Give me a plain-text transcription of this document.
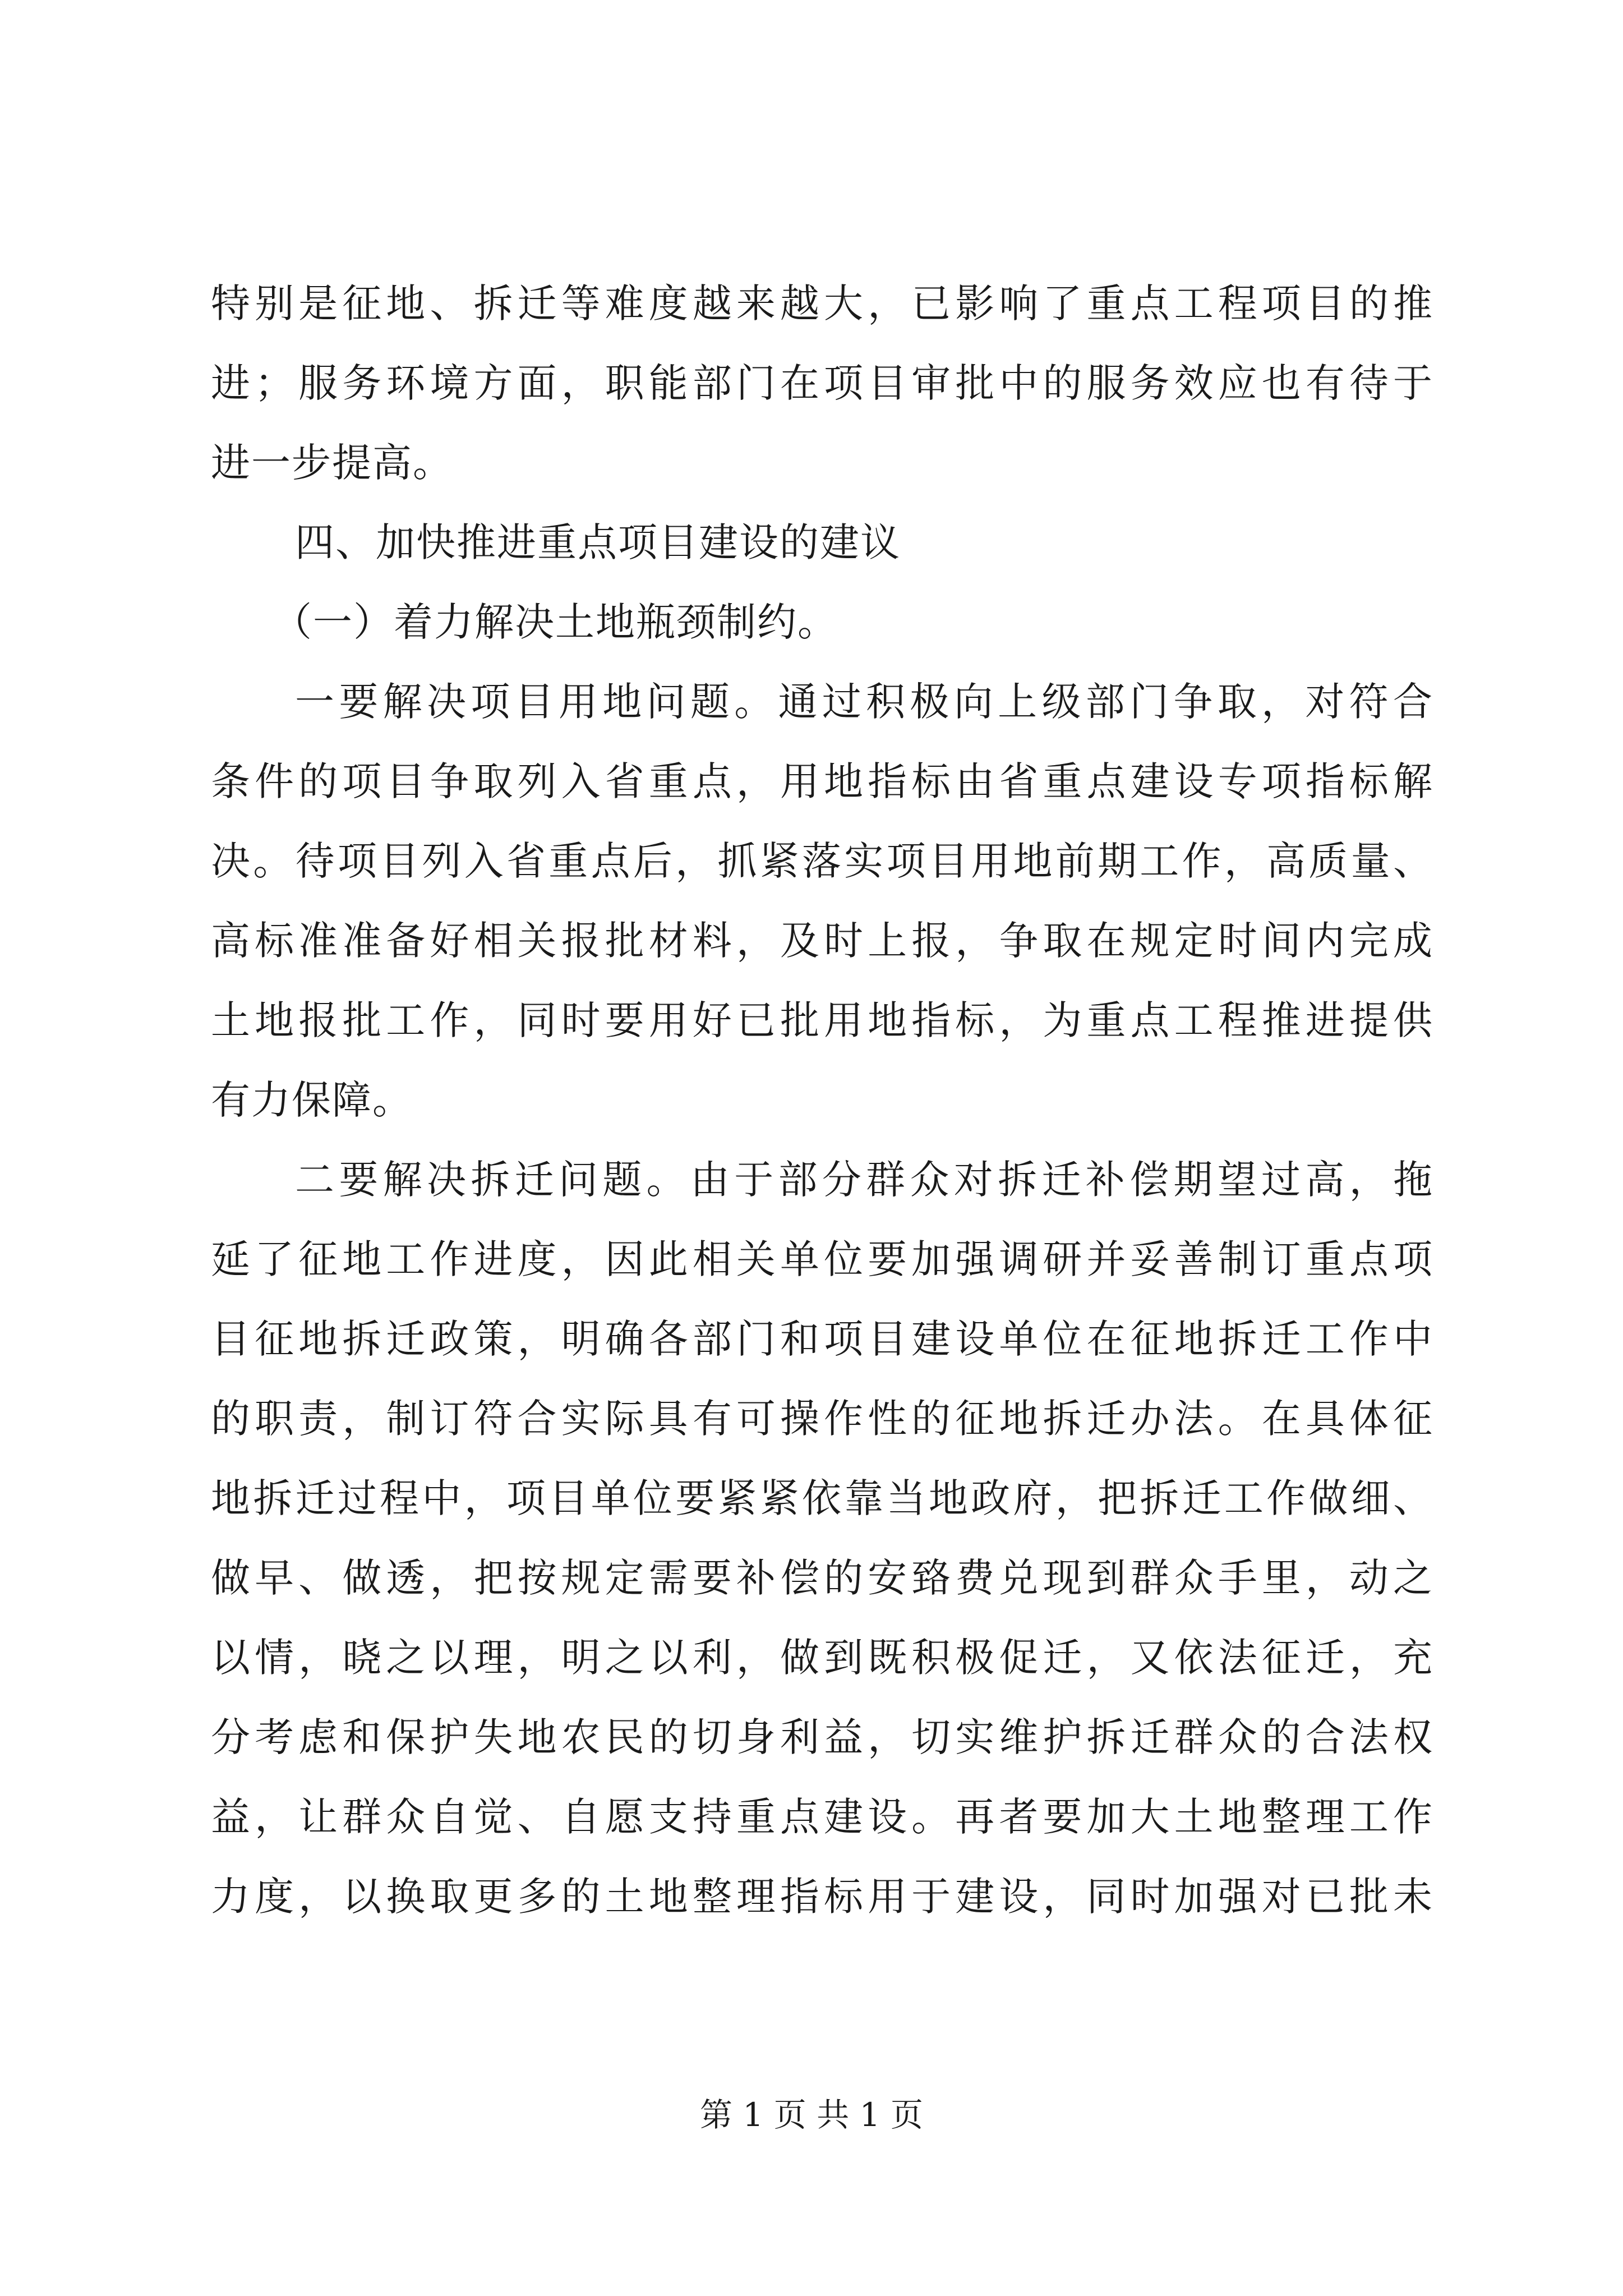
特别是征地、拆迁等难度越来越大，已影响了重点工程项目的推
进；服务环境方面，职能部门在项目审批中的服务效应也有待于
进一步提高。
四、加快推进重点项目建设的建议
（一）着力解决土地瓶颈制约。
一要解决项目用地问题。通过积极向上级部门争取，对符合
条件的项目争取列入省重点，用地指标由省重点建设专项指标解
决。待项目列入省重点后，抓紧落实项目用地前期工作，高质量、
高标准准备好相关报批材料，及时上报，争取在规定时间内完成
土地报批工作，同时要用好已批用地指标，为重点工程推进提供
有力保障。
二要解决拆迁问题。由于部分群众对拆迁补偿期望过高，拖
延了征地工作进度，因此相关单位要加强调研并妥善制订重点项
目征地拆迁政策，明确各部门和项目建设单位在征地拆迁工作中
的职责，制订符合实际具有可操作性的征地拆迁办法。在具体征
地拆迁过程中，项目单位要紧紧依靠当地政府，把拆迁工作做细、
做早、做透，把按规定需要补偿的安臵费兑现到群众手里，动之
以情，晓之以理，明之以利，做到既积极促迁，又依法征迁，充
分考虑和保护失地农民的切身利益，切实维护拆迁群众的合法权
益，让群众自觉、自愿支持重点建设。再者要加大土地整理工作
力度，以换取更多的土地整理指标用于建设，同时加强对已批未
第 1 页 共 1 页
